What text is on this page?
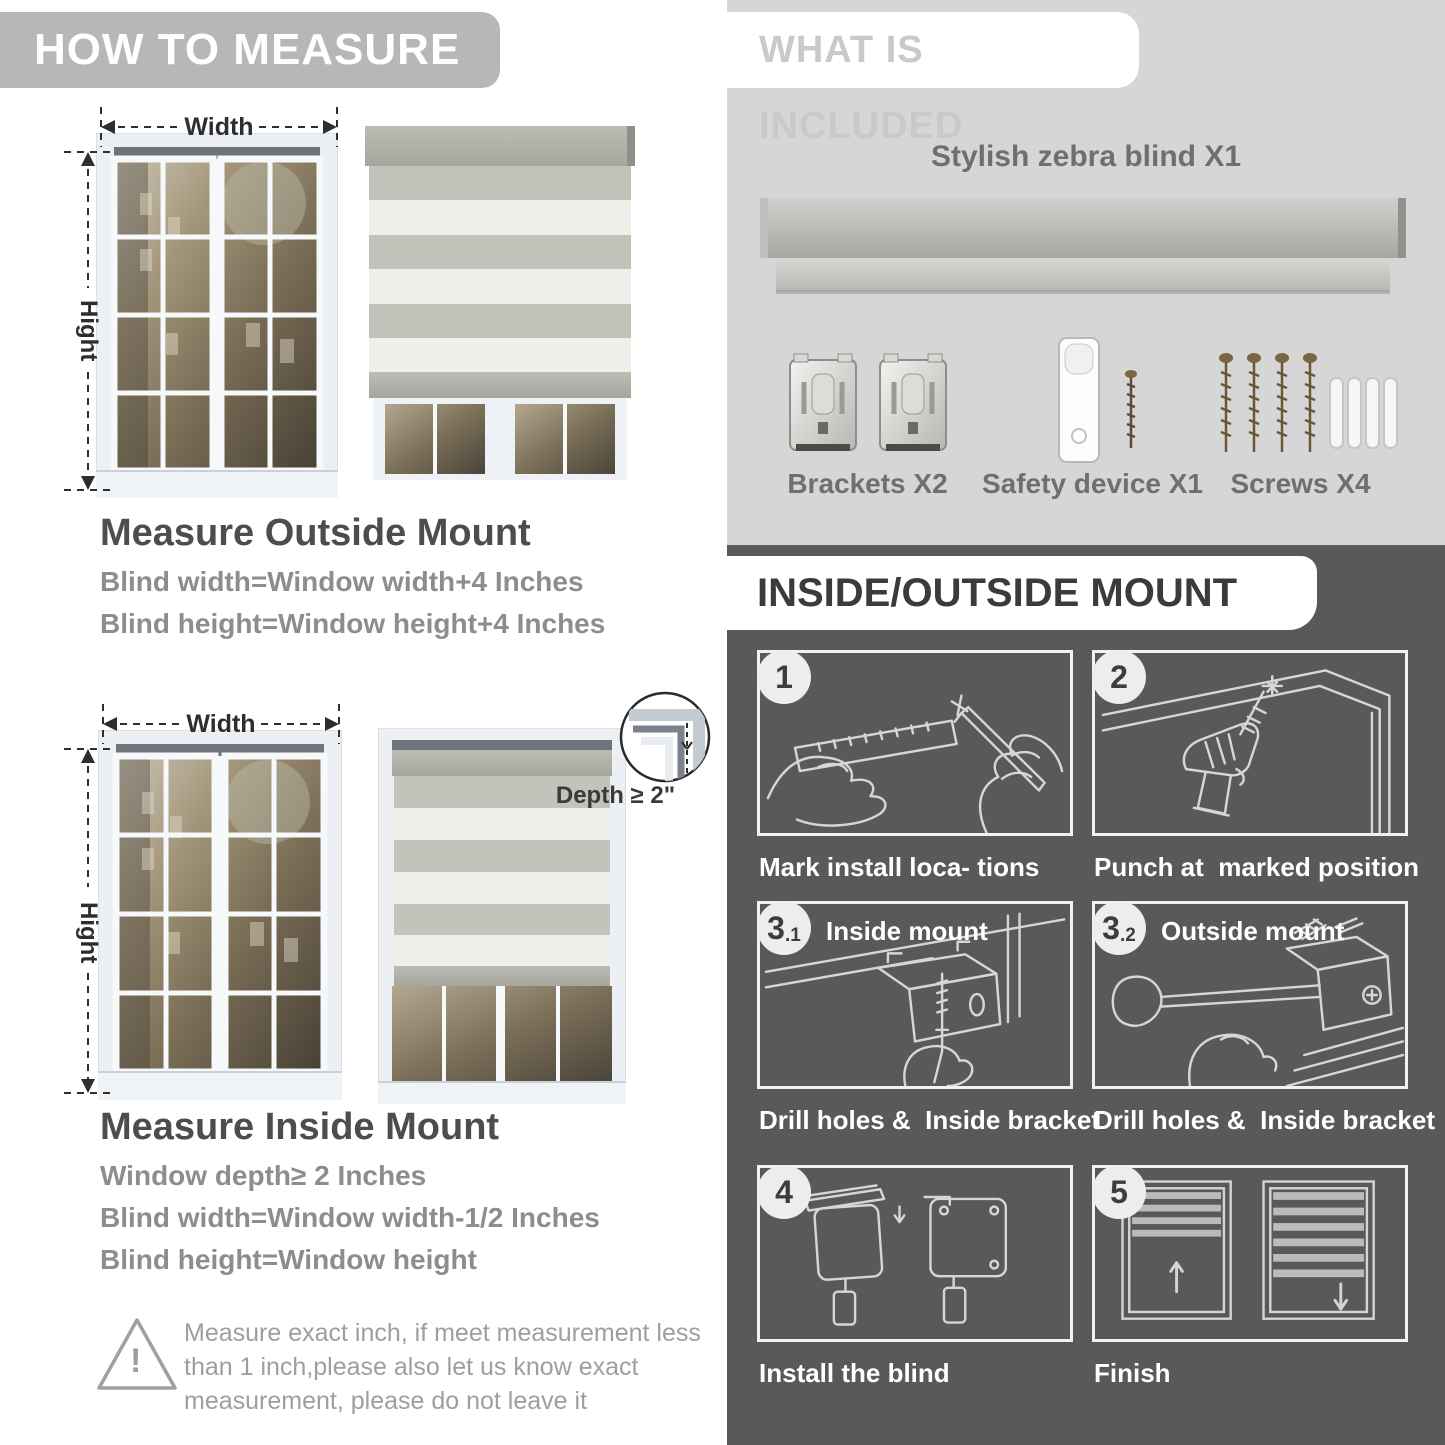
HOW TO MEASURE
Width
Hight
Measure Outside Mount
Blind width=Window width+4 Inches
Blind height=Window height+4 Inches
Width
Hight
Depth ≥ 2"
Measure Inside Mount
Window depth≥ 2 Inches
Blind width=Window width-1/2 Inches
Blind height=Window height
!
Measure exact inch, if meet measurement less
than 1 inch,please also let us know exact
measurement, please do not leave it
WHAT IS INCLUDED
Stylish zebra blind X1
Brackets X2 Safety device X1 Screws X4
INSIDE/OUTSIDE MOUNT
1
Mark install loca- tions
2
Punch at  marked position
3 .1 Inside mount
Drill holes &  Inside bracket
3 .2 Outside mount
Drill holes &  Inside bracket
4
Install the blind
5
Finish
